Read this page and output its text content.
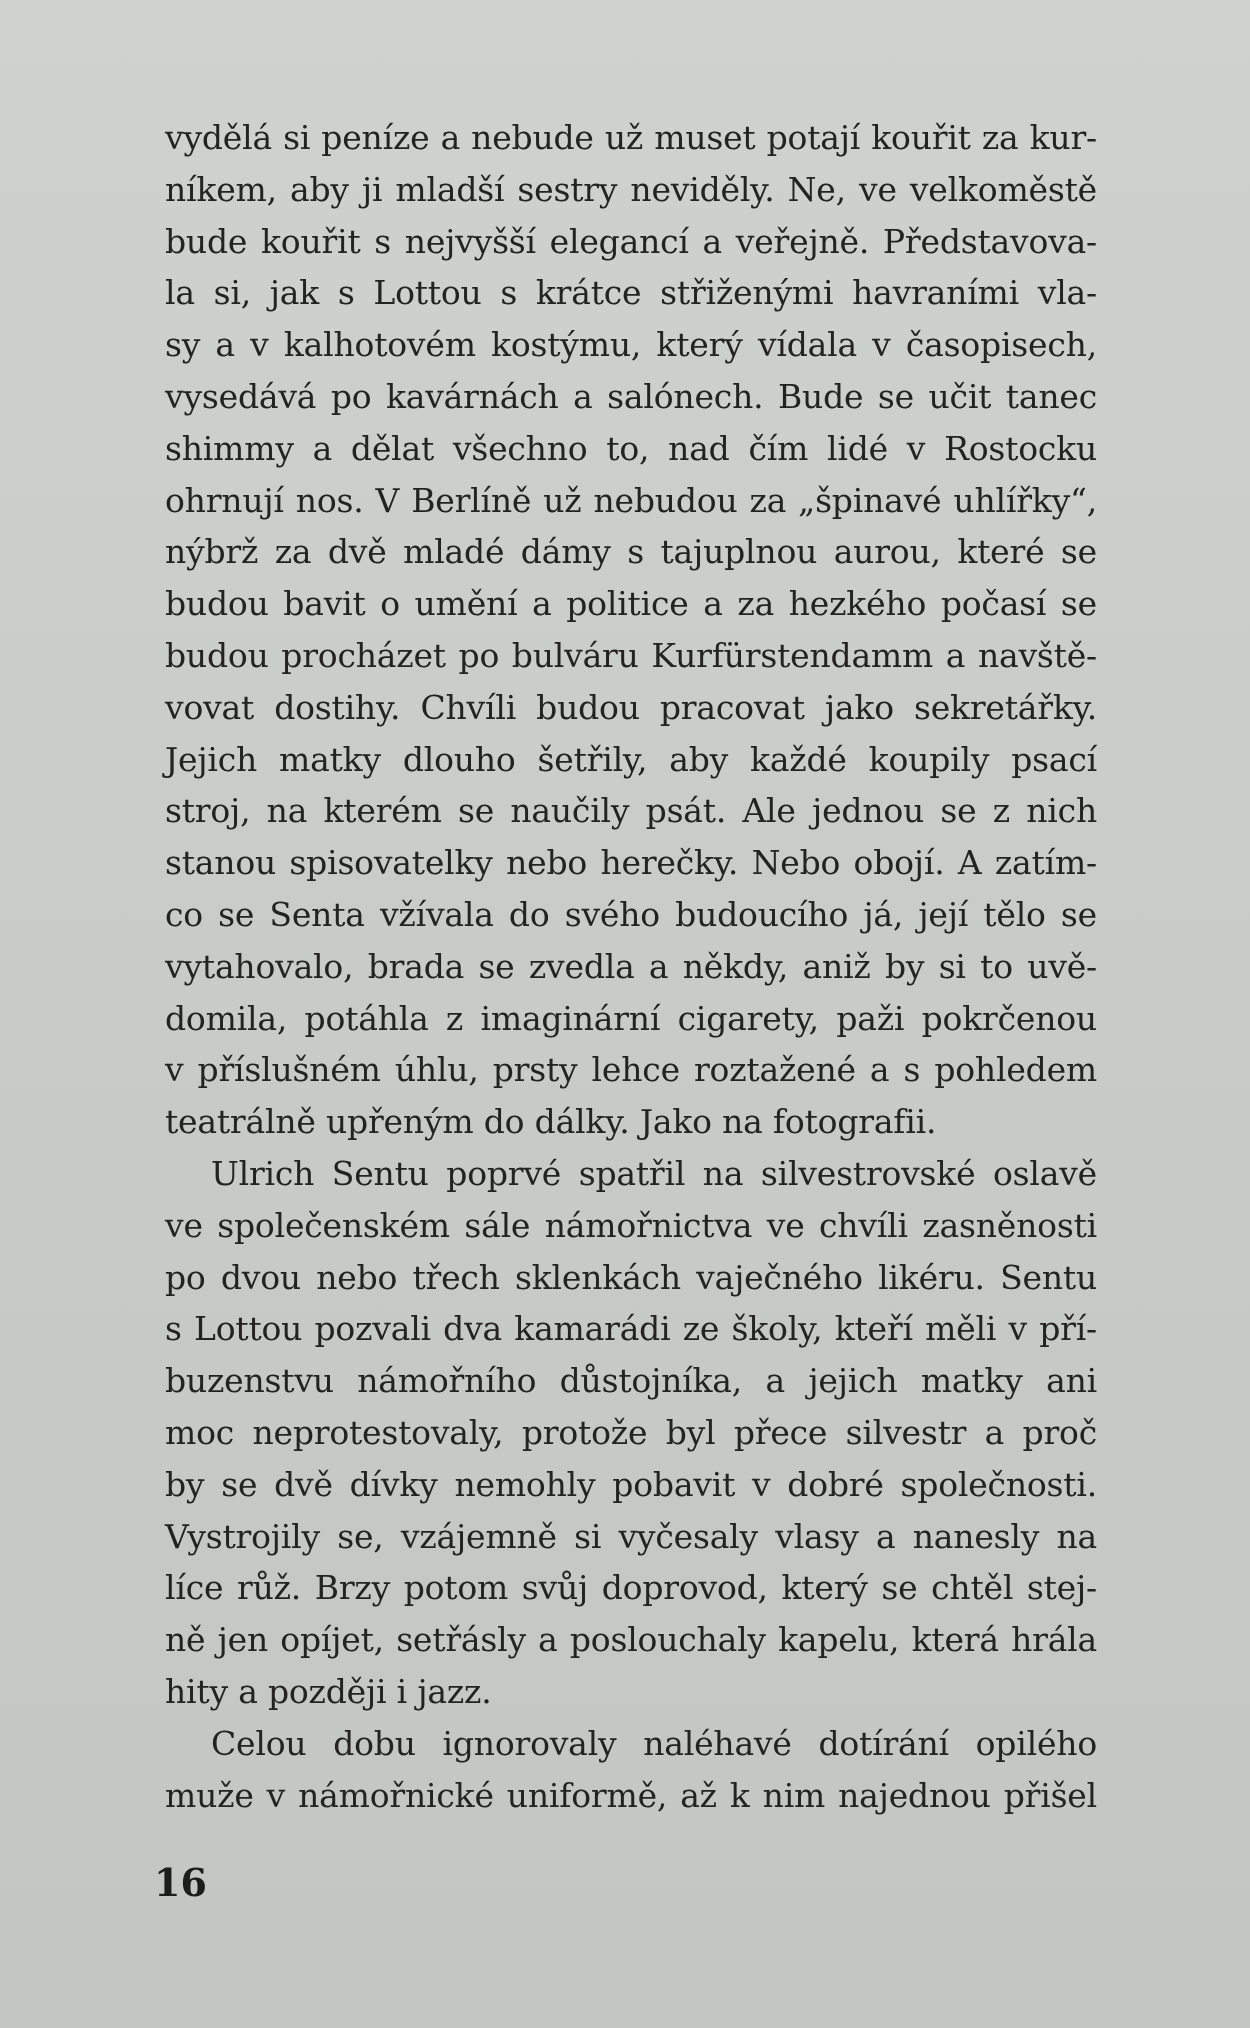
vydělá si peníze a nebude už muset potají kouřit za kur-
níkem, aby ji mladší sestry neviděly. Ne, ve velkoměstě
bude kouřit s nejvyšší elegancí a veřejně. Představova-
la si, jak s Lottou s krátce střiženými havraními vla-
sy a v kalhotovém kostýmu, který vídala v časopisech,
vysedává po kavárnách a salónech. Bude se učit tanec
shimmy a dělat všechno to, nad čím lidé v Rostocku
ohrnují nos. V Berlíně už nebudou za „špinavé uhlířky“,
nýbrž za dvě mladé dámy s tajuplnou aurou, které se
budou bavit o umění a politice a za hezkého počasí se
budou procházet po bulváru Kurfürstendamm a navště-
vovat dostihy. Chvíli budou pracovat jako sekretářky.
Jejich matky dlouho šetřily, aby každé koupily psací
stroj, na kterém se naučily psát. Ale jednou se z nich
stanou spisovatelky nebo herečky. Nebo obojí. A zatím-
co se Senta vžívala do svého budoucího já, její tělo se
vytahovalo, brada se zvedla a někdy, aniž by si to uvě-
domila, potáhla z imaginární cigarety, paži pokrčenou
v příslušném úhlu, prsty lehce roztažené a s pohledem
teatrálně upřeným do dálky. Jako na fotografii.
Ulrich Sentu poprvé spatřil na silvestrovské oslavě
ve společenském sále námořnictva ve chvíli zasněnosti
po dvou nebo třech sklenkách vaječného likéru. Sentu
s Lottou pozvali dva kamarádi ze školy, kteří měli v pří-
buzenstvu námořního důstojníka, a jejich matky ani
moc neprotestovaly, protože byl přece silvestr a proč
by se dvě dívky nemohly pobavit v dobré společnosti.
Vystrojily se, vzájemně si vyčesaly vlasy a nanesly na
líce růž. Brzy potom svůj doprovod, který se chtěl stej-
ně jen opíjet, setřásly a poslouchaly kapelu, která hrála
hity a později i jazz.
Celou dobu ignorovaly naléhavé dotírání opilého
muže v námořnické uniformě, až k nim najednou přišel
16
